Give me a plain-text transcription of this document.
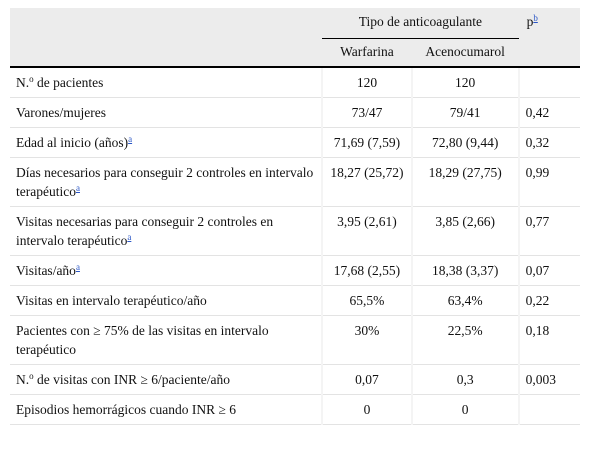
	Tipo de anticoagulante		p$^b$
	Warfarina	Acenocumarol	
N.$^o$ de pacientes	120	120	
Varones/mujeres	73/47	79/41	0,42
Edad al inicio (años)$^a$	71,69 (7,59)	72,80 (9,44)	0,32
Días necesarios para conseguir 2 controles en intervalo terapéutico$^a$	18,27 (25,72)	18,29 (27,75)	0,99
Visitas necesarias para conseguir 2 controles en intervalo terapéutico$^a$	3,95 (2,61)	3,85 (2,66)	0,77
Visitas/año$^a$	17,68 (2,55)	18,38 (3,37)	0,07
Visitas en intervalo terapéutico/año	65,5%	63,4%	0,22
Pacientes con ≥ 75% de las visitas en intervalo terapéutico	30%	22,5%	0,18
N.$^o$ de visitas con INR ≥ 6/paciente/año	0,07	0,3	0,003
Episodios hemorrágicos cuando INR ≥ 6	0	0	
